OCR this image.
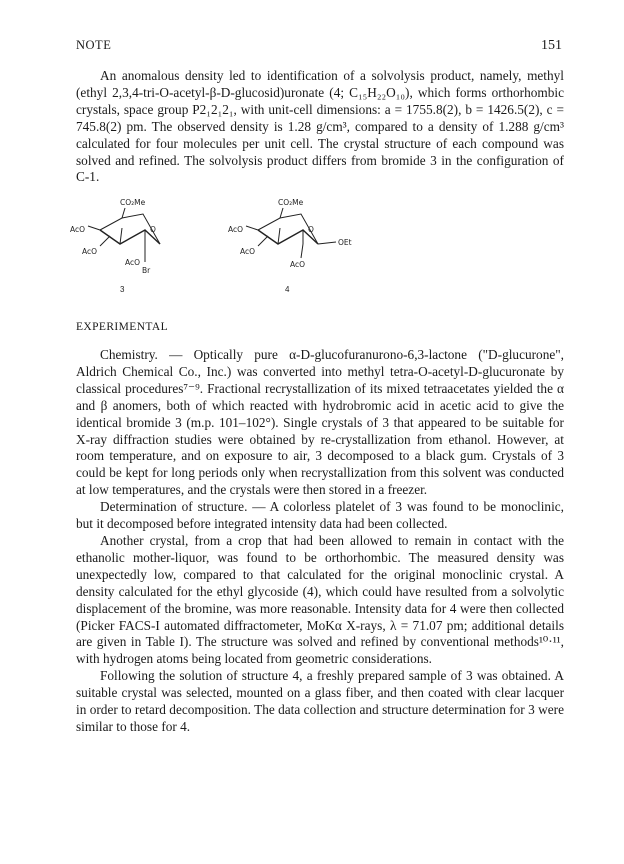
NOTE	151

An anomalous density led to identification of a solvolysis product, namely, methyl (ethyl 2,3,4-tri-O-acetyl-β-D-glucosid)uronate (4; C₁₅H₂₂O₁₀), which forms orthorhombic crystals, space group P2₁2₁2₁, with unit-cell dimensions: a = 1755.8(2), b = 1426.5(2), c = 745.8(2) pm. The observed density is 1.28 g/cm³, compared to a density of 1.288 g/cm³ calculated for four molecules per unit cell. The crystal structure of each compound was solved and refined. The solvolysis product differs from bromide 3 in the configuration of C-1.

CO₂Me
O
AcO
AcO
AcO
Br
3
CO₂Me
O
AcO
AcO
AcO
OEt
4
EXPERIMENTAL

Chemistry. — Optically pure α-D-glucofuranurono-6,3-lactone ("D-glucurone", Aldrich Chemical Co., Inc.) was converted into methyl tetra-O-acetyl-D-glucuronate by classical procedures⁷⁻⁹. Fractional recrystallization of its mixed tetraacetates yielded the α and β anomers, both of which reacted with hydrobromic acid in acetic acid to give the identical bromide 3 (m.p. 101–102°). Single crystals of 3 that appeared to be suitable for X-ray diffraction studies were obtained by re-crystallization from ethanol. However, at room temperature, and on exposure to air, 3 decomposed to a black gum. Crystals of 3 could be kept for long periods only when recrystallization from this solvent was conducted at low temperatures, and the crystals were then stored in a freezer.

Determination of structure. — A colorless platelet of 3 was found to be monoclinic, but it decomposed before integrated intensity data had been collected.

Another crystal, from a crop that had been allowed to remain in contact with the ethanolic mother-liquor, was found to be orthorhombic. The measured density was unexpectedly low, compared to that calculated for the original monoclinic crystal. A density calculated for the ethyl glycoside (4), which could have resulted from a solvolytic displacement of the bromine, was more reasonable. Intensity data for 4 were then collected (Picker FACS-I automated diffractometer, MoKα X-rays, λ = 71.07 pm; additional details are given in Table I). The structure was solved and refined by conventional methods¹⁰·¹¹, with hydrogen atoms being located from geometric considerations.

Following the solution of structure 4, a freshly prepared sample of 3 was obtained. A suitable crystal was selected, mounted on a glass fiber, and then coated with clear lacquer in order to retard decomposition. The data collection and structure determination for 3 were similar to those for 4.
